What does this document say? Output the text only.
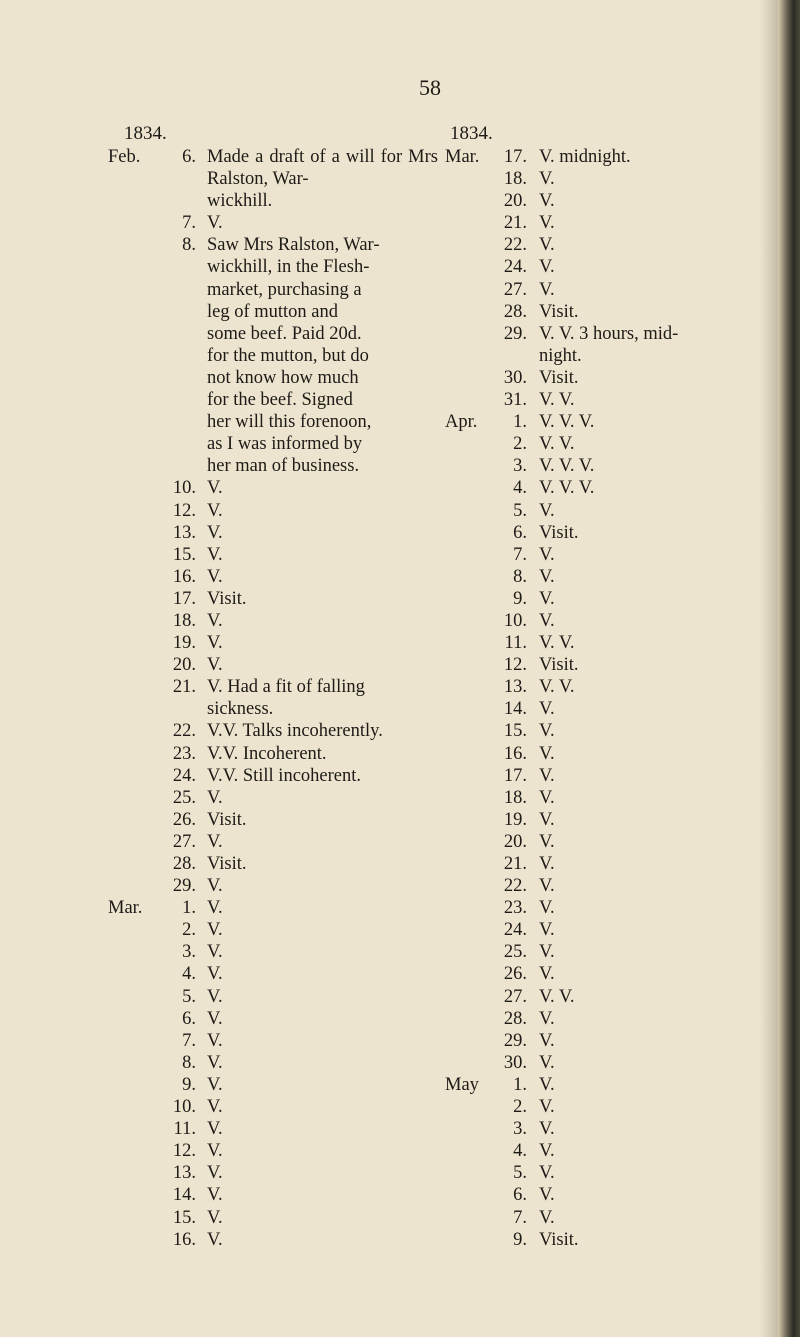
58
1834.
Feb.	6. Made a draft of a will for Mrs Ralston, War-
wickhill.
7. V.
8. Saw Mrs Ralston, War-
wickhill, in the Flesh-
market, purchasing a
leg of mutton and
some beef. Paid 20d.
for the mutton, but do
not know how much
for the beef. Signed
her will this forenoon,
as I was informed by
her man of business.
10. V.
12. V.
13. V.
15. V.
16. V.
17. Visit.
18. V.
19. V.
20. V.
21. V. Had a fit of falling
sickness.
22. V.V. Talks incoherently.
23. V.V. Incoherent.
24. V.V. Still incoherent.
25. V.
26. Visit.
27. V.
28. Visit.
29. V.
Mar.	1. V.
2. V.
3. V.
4. V.
5. V.
6. V.
7. V.
8. V.
9. V.
10. V.
11. V.
12. V.
13. V.
14. V.
15. V.
16. V.
1834.
Mar.	17. V. midnight.
18. V.
20. V.
21. V.
22. V.
24. V.
27. V.
28. Visit.
29. V. V. 3 hours, mid-
night.
30. Visit.
31. V. V.
Apr.	1. V. V. V.
2. V. V.
3. V. V. V.
4. V. V. V.
5. V.
6. Visit.
7. V.
8. V.
9. V.
10. V.
11. V. V.
12. Visit.
13. V. V.
14. V.
15. V.
16. V.
17. V.
18. V.
19. V.
20. V.
21. V.
22. V.
23. V.
24. V.
25. V.
26. V.
27. V. V.
28. V.
29. V.
30. V.
May	1. V.
2. V.
3. V.
4. V.
5. V.
6. V.
7. V.
9. Visit.
